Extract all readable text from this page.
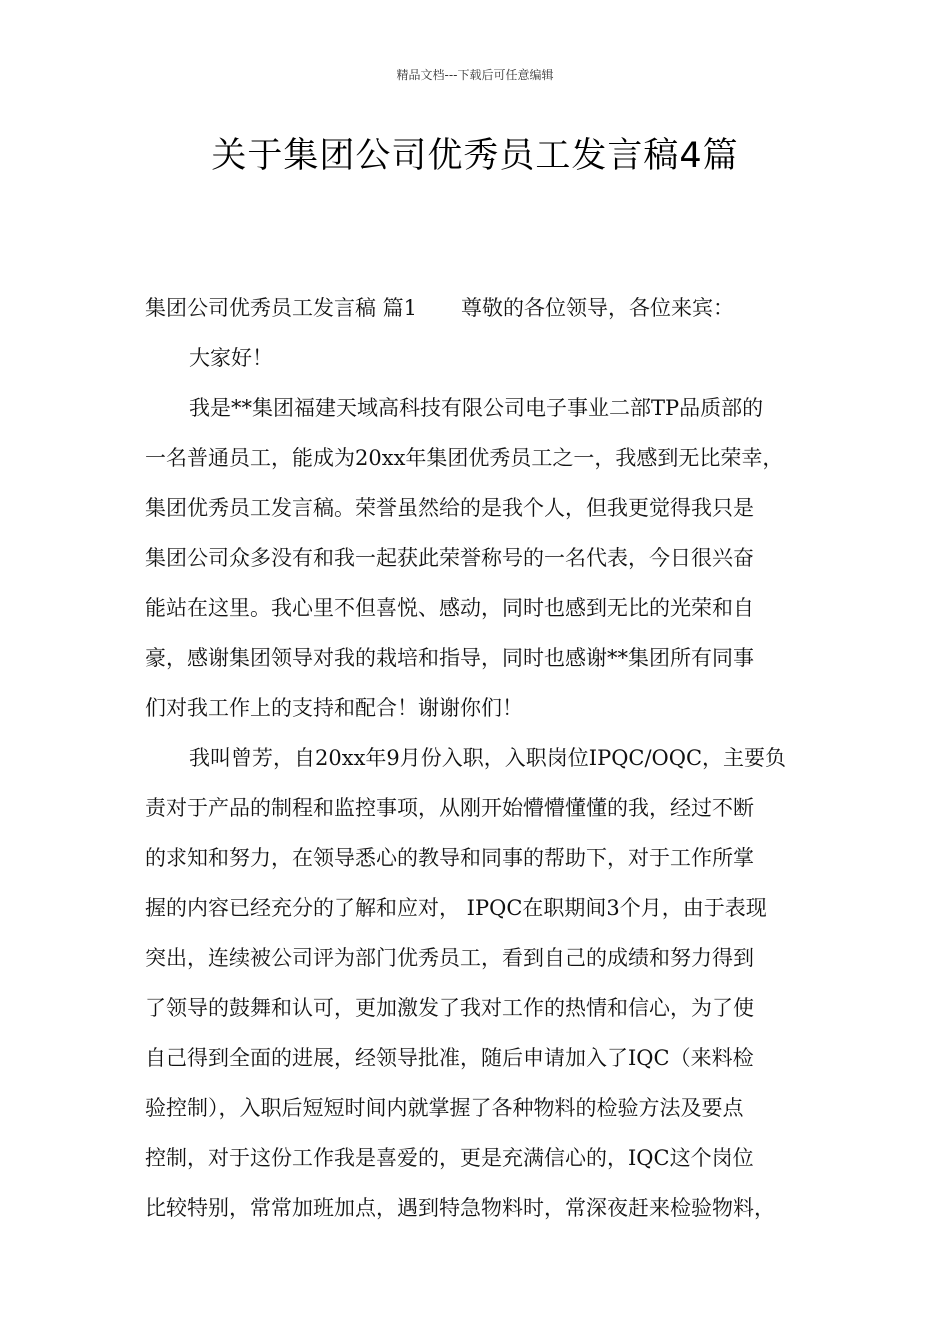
精品文档---下载后可任意编辑
关于集团公司优秀员工发言稿4篇
集团公司优秀员工发言稿 篇1 尊敬的各位领导，各位来宾：
大家好！
我是**集团福建天域高科技有限公司电子事业二部TP品质部的
一名普通员工，能成为20xx年集团优秀员工之一，我感到无比荣幸，
集团优秀员工发言稿。荣誉虽然给的是我个人，但我更觉得我只是
集团公司众多没有和我一起获此荣誉称号的一名代表，今日很兴奋
能站在这里。我心里不但喜悦、感动，同时也感到无比的光荣和自
豪，感谢集团领导对我的栽培和指导，同时也感谢**集团所有同事
们对我工作上的支持和配合！谢谢你们！
我叫曾芳，自20xx年9月份入职，入职岗位IPQC/OQC，主要负
责对于产品的制程和监控事项，从刚开始懵懵懂懂的我，经过不断
的求知和努力，在领导悉心的教导和同事的帮助下，对于工作所掌
握的内容已经充分的了解和应对， IPQC在职期间3个月，由于表现
突出，连续被公司评为部门优秀员工，看到自己的成绩和努力得到
了领导的鼓舞和认可，更加激发了我对工作的热情和信心，为了使
自己得到全面的进展，经领导批准，随后申请加入了IQC（来料检
验控制），入职后短短时间内就掌握了各种物料的检验方法及要点
控制，对于这份工作我是喜爱的，更是充满信心的，IQC这个岗位
比较特别，常常加班加点，遇到特急物料时，常深夜赶来检验物料，
